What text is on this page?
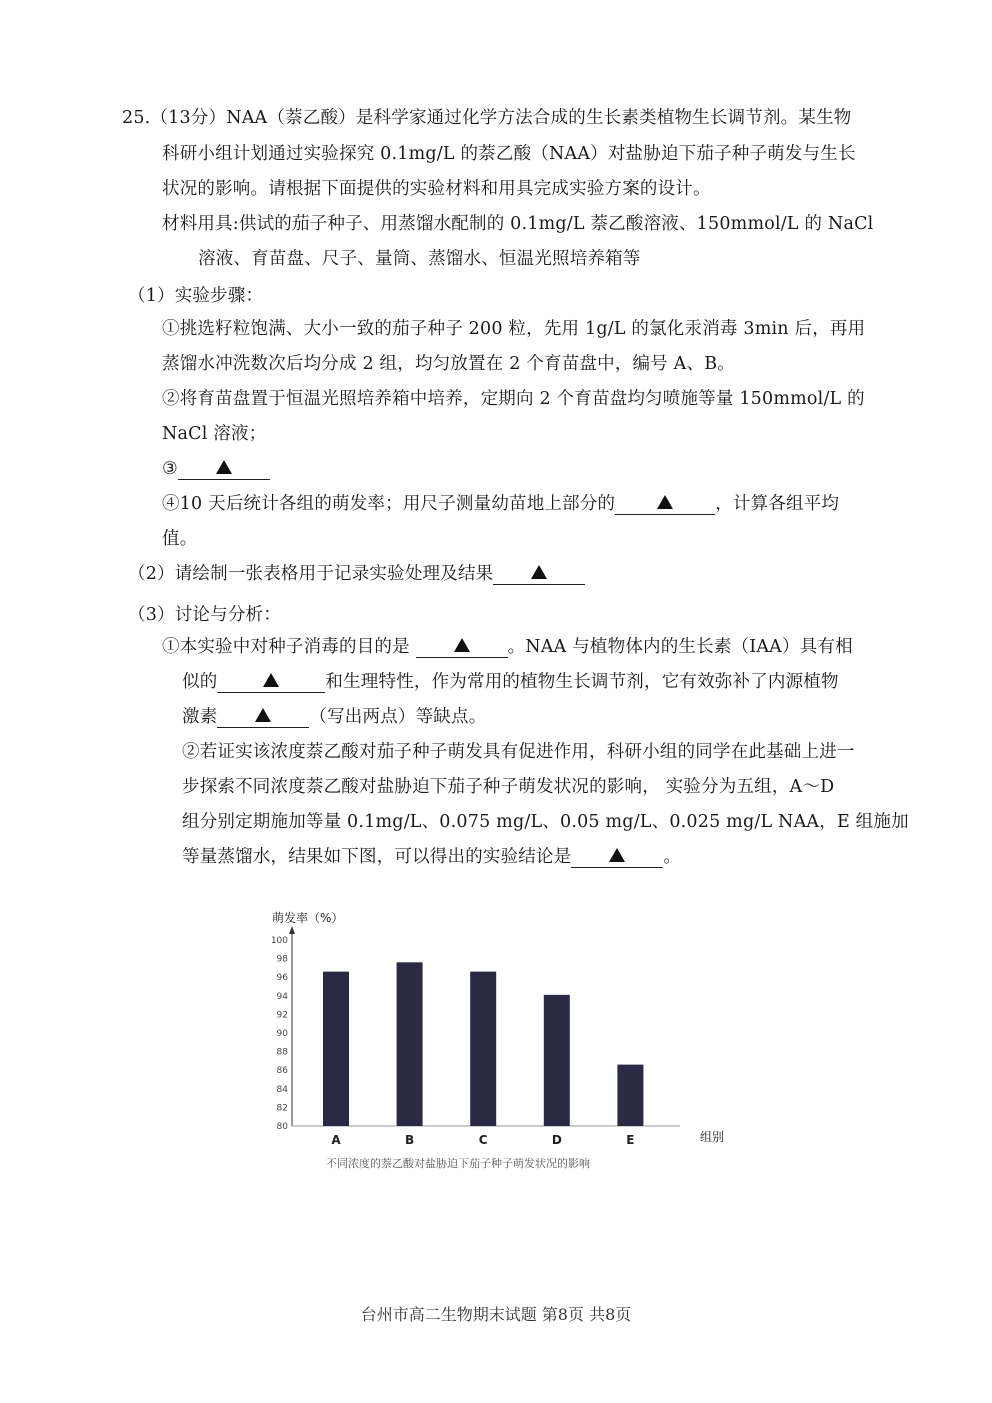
25.（13分）NAA（萘乙酸）是科学家通过化学方法合成的生长素类植物生长调节剂。某生物
科研小组计划通过实验探究 0.1mg/L 的萘乙酸（NAA）对盐胁迫下茄子种子萌发与生长
状况的影响。请根据下面提供的实验材料和用具完成实验方案的设计。
材料用具:供试的茄子种子、用蒸馏水配制的 0.1mg/L 萘乙酸溶液、150mmol/L 的 NaCl
溶液、育苗盘、尺子、量筒、蒸馏水、恒温光照培养箱等
（1）实验步骤：
①挑选籽粒饱满、大小一致的茄子种子 200 粒，先用 1g/L 的氯化汞消毒 3min 后，再用
蒸馏水冲洗数次后均分成 2 组，均匀放置在 2 个育苗盘中，编号 A、B。
②将育苗盘置于恒温光照培养箱中培养，定期向 2 个育苗盘均匀喷施等量 150mmol/L 的
NaCl 溶液；
③
④10 天后统计各组的萌发率；用尺子测量幼苗地上部分的	，计算各组平均
值。
（2）请绘制一张表格用于记录实验处理及结果
（3）讨论与分析：
①本实验中对种子消毒的目的是	。NAA 与植物体内的生长素（IAA）具有相
似的	和生理特性，作为常用的植物生长调节剂，它有效弥补了内源植物
激素	（写出两点）等缺点。
②若证实该浓度萘乙酸对茄子种子萌发具有促进作用，科研小组的同学在此基础上进一
步探索不同浓度萘乙酸对盐胁迫下茄子种子萌发状况的影响， 实验分为五组，A～D
组分别定期施加等量 0.1mg/L、0.075 mg/L、0.05 mg/L、0.025 mg/L NAA，E 组施加
等量蒸馏水，结果如下图，可以得出的实验结论是	。
萌发率（%）
组别
不同浓度的萘乙酸对盐胁迫下茄子种子萌发状况的影响
80
82
84
86
88
90
92
94
96
98
100
A	B	C	D	E
台州市高二生物期末试题 第8页 共8页
